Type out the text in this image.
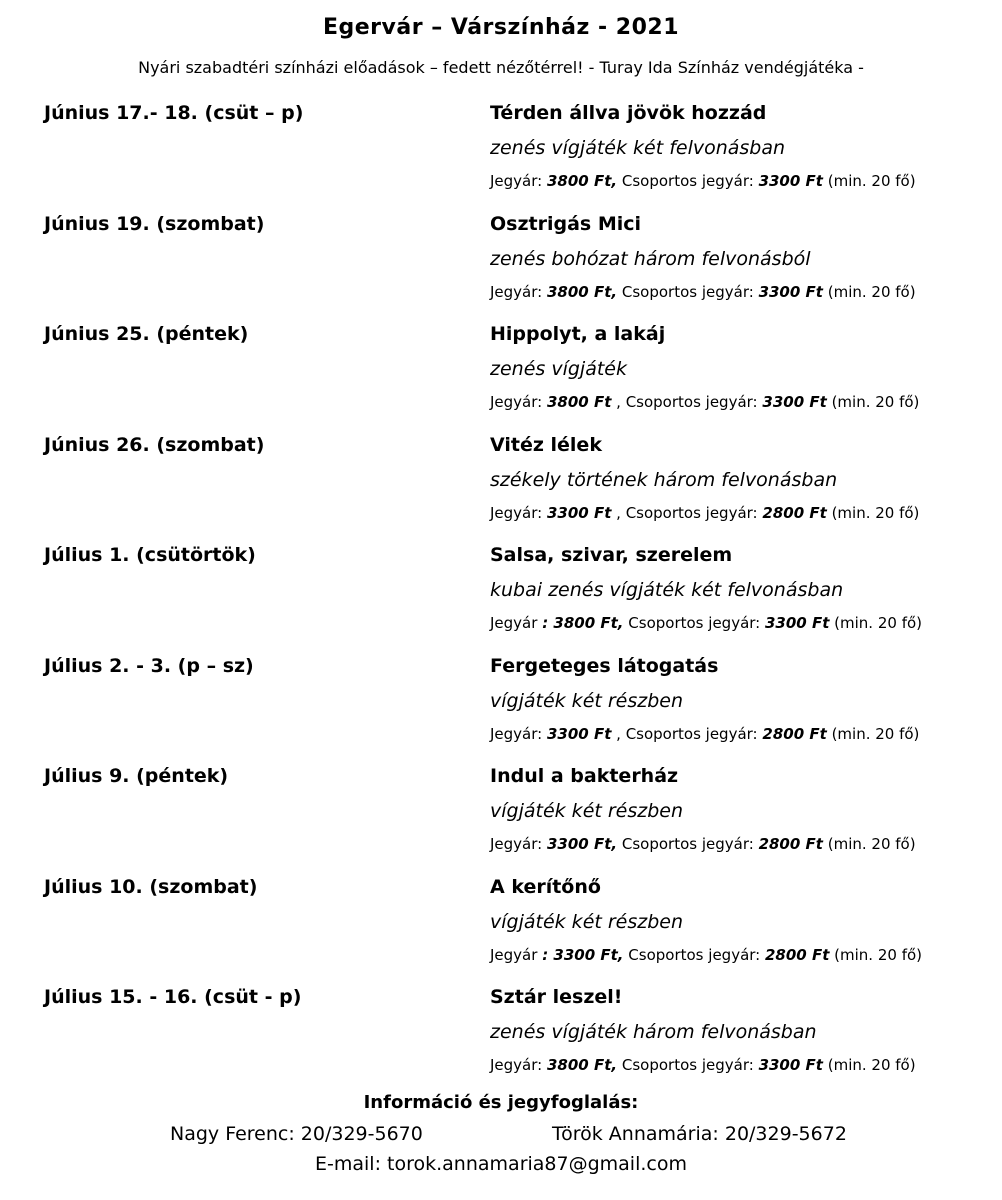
Egervár – Várszínház - 2021
Nyári szabadtéri színházi előadások – fedett nézőtérrel! - Turay Ida Színház vendégjátéka -
Június 17.- 18. (csüt – p)	Térden állva jövök hozzád
zenés vígjáték két felvonásban
Jegyár: 3800 Ft, Csoportos jegyár: 3300 Ft (min. 20 fő)
Június 19. (szombat)	Osztrigás Mici
zenés bohózat három felvonásból
Jegyár: 3800 Ft, Csoportos jegyár: 3300 Ft (min. 20 fő)
Június 25. (péntek)	Hippolyt, a lakáj
zenés vígjáték
Jegyár: 3800 Ft , Csoportos jegyár: 3300 Ft (min. 20 fő)
Június 26. (szombat)	Vitéz lélek
székely történek három felvonásban
Jegyár: 3300 Ft , Csoportos jegyár: 2800 Ft (min. 20 fő)
Július 1. (csütörtök)	Salsa, szivar, szerelem
kubai zenés vígjáték két felvonásban
Jegyár : 3800 Ft, Csoportos jegyár: 3300 Ft (min. 20 fő)
Július 2. - 3. (p – sz)	Fergeteges látogatás
vígjáték két részben
Jegyár: 3300 Ft , Csoportos jegyár: 2800 Ft (min. 20 fő)
Július 9. (péntek)	Indul a bakterház
vígjáték két részben
Jegyár: 3300 Ft, Csoportos jegyár: 2800 Ft (min. 20 fő)
Július 10. (szombat)	A kerítőnő
vígjáték két részben
Jegyár : 3300 Ft, Csoportos jegyár: 2800 Ft (min. 20 fő)
Július 15. - 16. (csüt - p)	Sztár leszel!
zenés vígjáték három felvonásban
Jegyár: 3800 Ft, Csoportos jegyár: 3300 Ft (min. 20 fő)
Információ és jegyfoglalás:
Nagy Ferenc: 20/329-5670	Török Annamária: 20/329-5672
E-mail: torok.annamaria87@gmail.com
